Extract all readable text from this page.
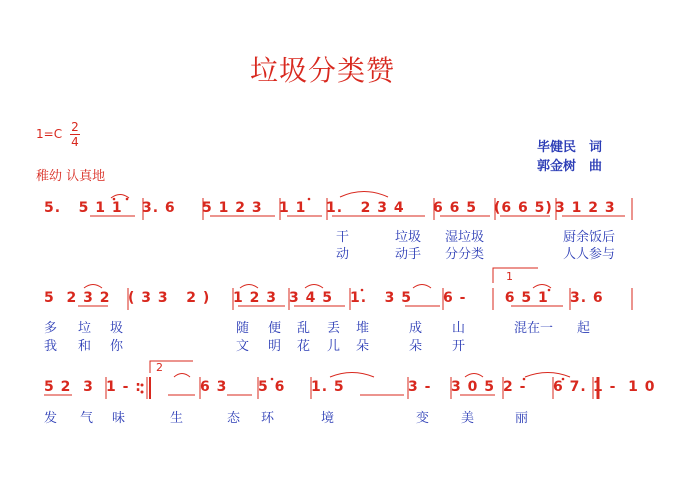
垃圾分类赞
1=C 2
4
稚幼 认真地
毕健民　词
郭金树　曲
5.   5 1 1 3. 6 5 1 2 3 1 1 1.   2 3 4 6 6 5 (6 6 5) 3 1 2 3
5  2 3 2 ( 3 3   2 ) 1 2 3 3 4 5 1.   3 5 6 -  6 5 1 3. 6
5 2  3 1 - :	6 3 5 6 1. 5	3 - 3 0 5 2 - 6 7. 1 -  1 0
干	垃圾 湿垃圾	厨余饭后
动	动手 分分类	人人参与
多 垃 圾	随 便 乱 丢 堆	成 山	混在一 起
我 和 你	文 明 花 儿 朵	朵 开
1
2
发 气 味	生	态 环	境	变 美	丽
